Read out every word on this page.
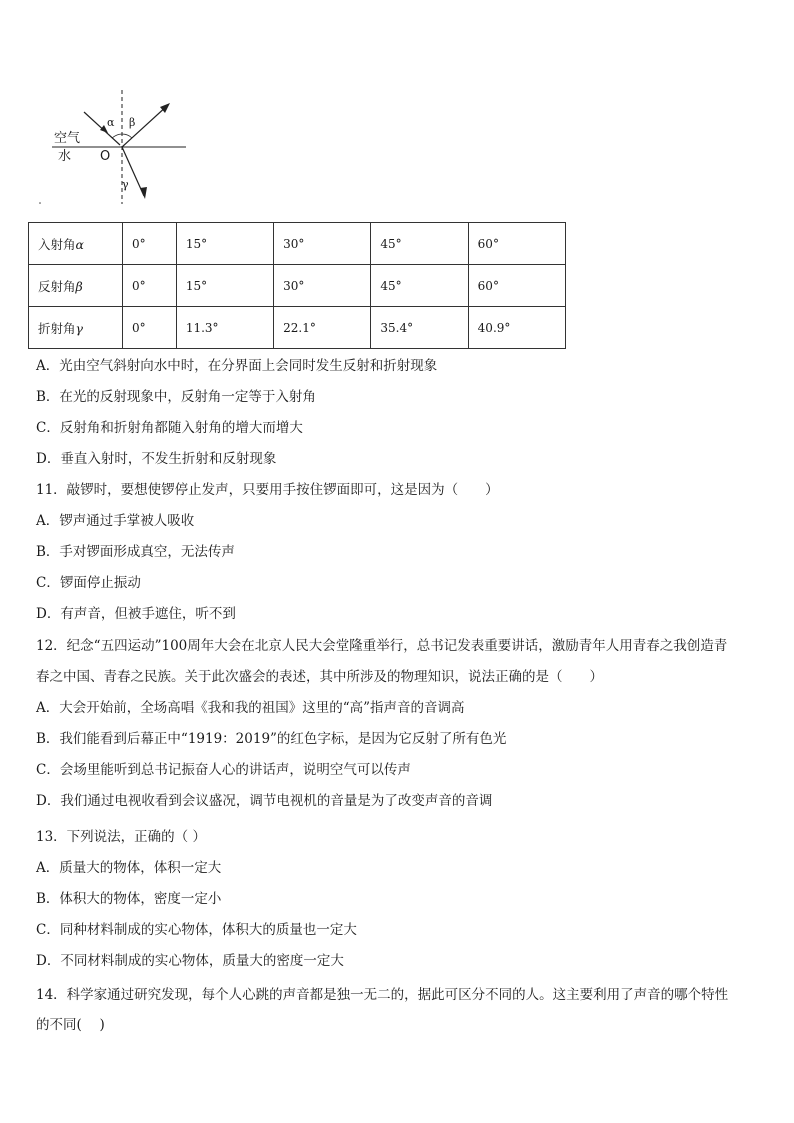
空气
水 O
α β
γ
入射角α	0°	15°	30°	45°	60°
反射角β	0°	15°	30°	45°	60°
折射角γ	0°	11.3°	22.1°	35.4°	40.9°
A．光由空气斜射向水中时，在分界面上会同时发生反射和折射现象
B．在光的反射现象中，反射角一定等于入射角
C．反射角和折射角都随入射角的增大而增大
D．垂直入射时，不发生折射和反射现象
11．敲锣时，要想使锣停止发声，只要用手按住锣面即可，这是因为（　　）
A．锣声通过手掌被人吸收
B．手对锣面形成真空，无法传声
C．锣面停止振动
D．有声音，但被手遮住，听不到
12．纪念“五四运动”100周年大会在北京人民大会堂隆重举行，总书记发表重要讲话，激励青年人用青春之我创造青
春之中国、青春之民族。关于此次盛会的表述，其中所涉及的物理知识，说法正确的是（　　）
A．大会开始前，全场高唱《我和我的祖国》这里的“高”指声音的音调高
B．我们能看到后幕正中“1919：2019”的红色字标，是因为它反射了所有色光
C．会场里能听到总书记振奋人心的讲话声，说明空气可以传声
D．我们通过电视收看到会议盛况，调节电视机的音量是为了改变声音的音调
13．下列说法，正确的（ ）
A．质量大的物体，体积一定大
B．体积大的物体，密度一定小
C．同种材料制成的实心物体，体积大的质量也一定大
D．不同材料制成的实心物体，质量大的密度一定大
14．科学家通过研究发现，每个人心跳的声音都是独一无二的，据此可区分不同的人。这主要利用了声音的哪个特性
的不同(　 )
